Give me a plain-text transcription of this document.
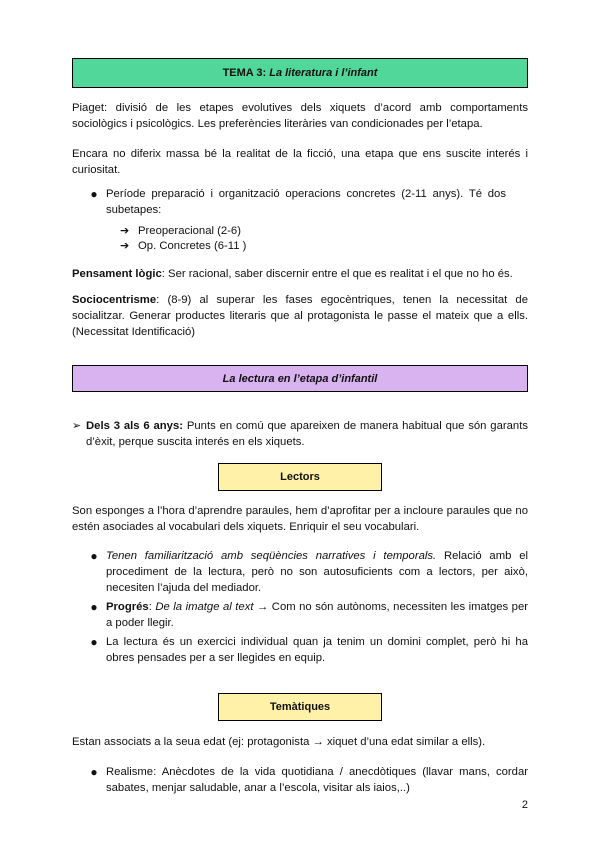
TEMA 3: La literatura i l’infant
Piaget: divisió de les etapes evolutives dels xiquets d’acord amb comportaments sociològics i psicològics. Les preferències literàries van condicionades per l’etapa.
Encara no diferix massa bé la realitat de la ficció, una etapa que ens suscite interés i curiositat.
● Període preparació i organització operacions concretes (2-11 anys). Té dos subetapes:
➔ Preoperacional (2-6)
➔ Op. Concretes (6-11 )
Pensament lògic: Ser racional, saber discernir entre el que es realitat i el que no ho és.
Sociocentrisme: (8-9) al superar les fases egocèntriques, tenen la necessitat de socialitzar. Generar productes literaris que al protagonista le passe el mateix que a ells. (Necessitat Identificació)
La lectura en l’etapa d’infantil
➢ Dels 3 als 6 anys: Punts en comú que apareixen de manera habitual que són garants d’èxit, perque suscita interés en els xiquets.
Lectors
Son esponges a l’hora d’aprendre paraules, hem d’aprofitar per a incloure paraules que no estén asociades al vocabulari dels xiquets. Enriquir el seu vocabulari.
● Tenen familiarització amb seqüències narratives i temporals. Relació amb el procediment de la lectura, però no son autosuficients com a lectors, per això, necesiten l’ajuda del mediador.
● Progrés: De la imatge al text → Com no són autònoms, necessiten les imatges per a poder llegir.
● La lectura és un exercici individual quan ja tenim un domini complet, però hi ha obres pensades per a ser llegides en equip.
Temàtiques
Estan associats a la seua edat (ej: protagonista → xiquet d’una edat similar a ells).
● Realisme: Anècdotes de la vida quotidiana / anecdòtiques (llavar mans, cordar sabates, menjar saludable, anar a l’escola, visitar als iaios,..)
2
